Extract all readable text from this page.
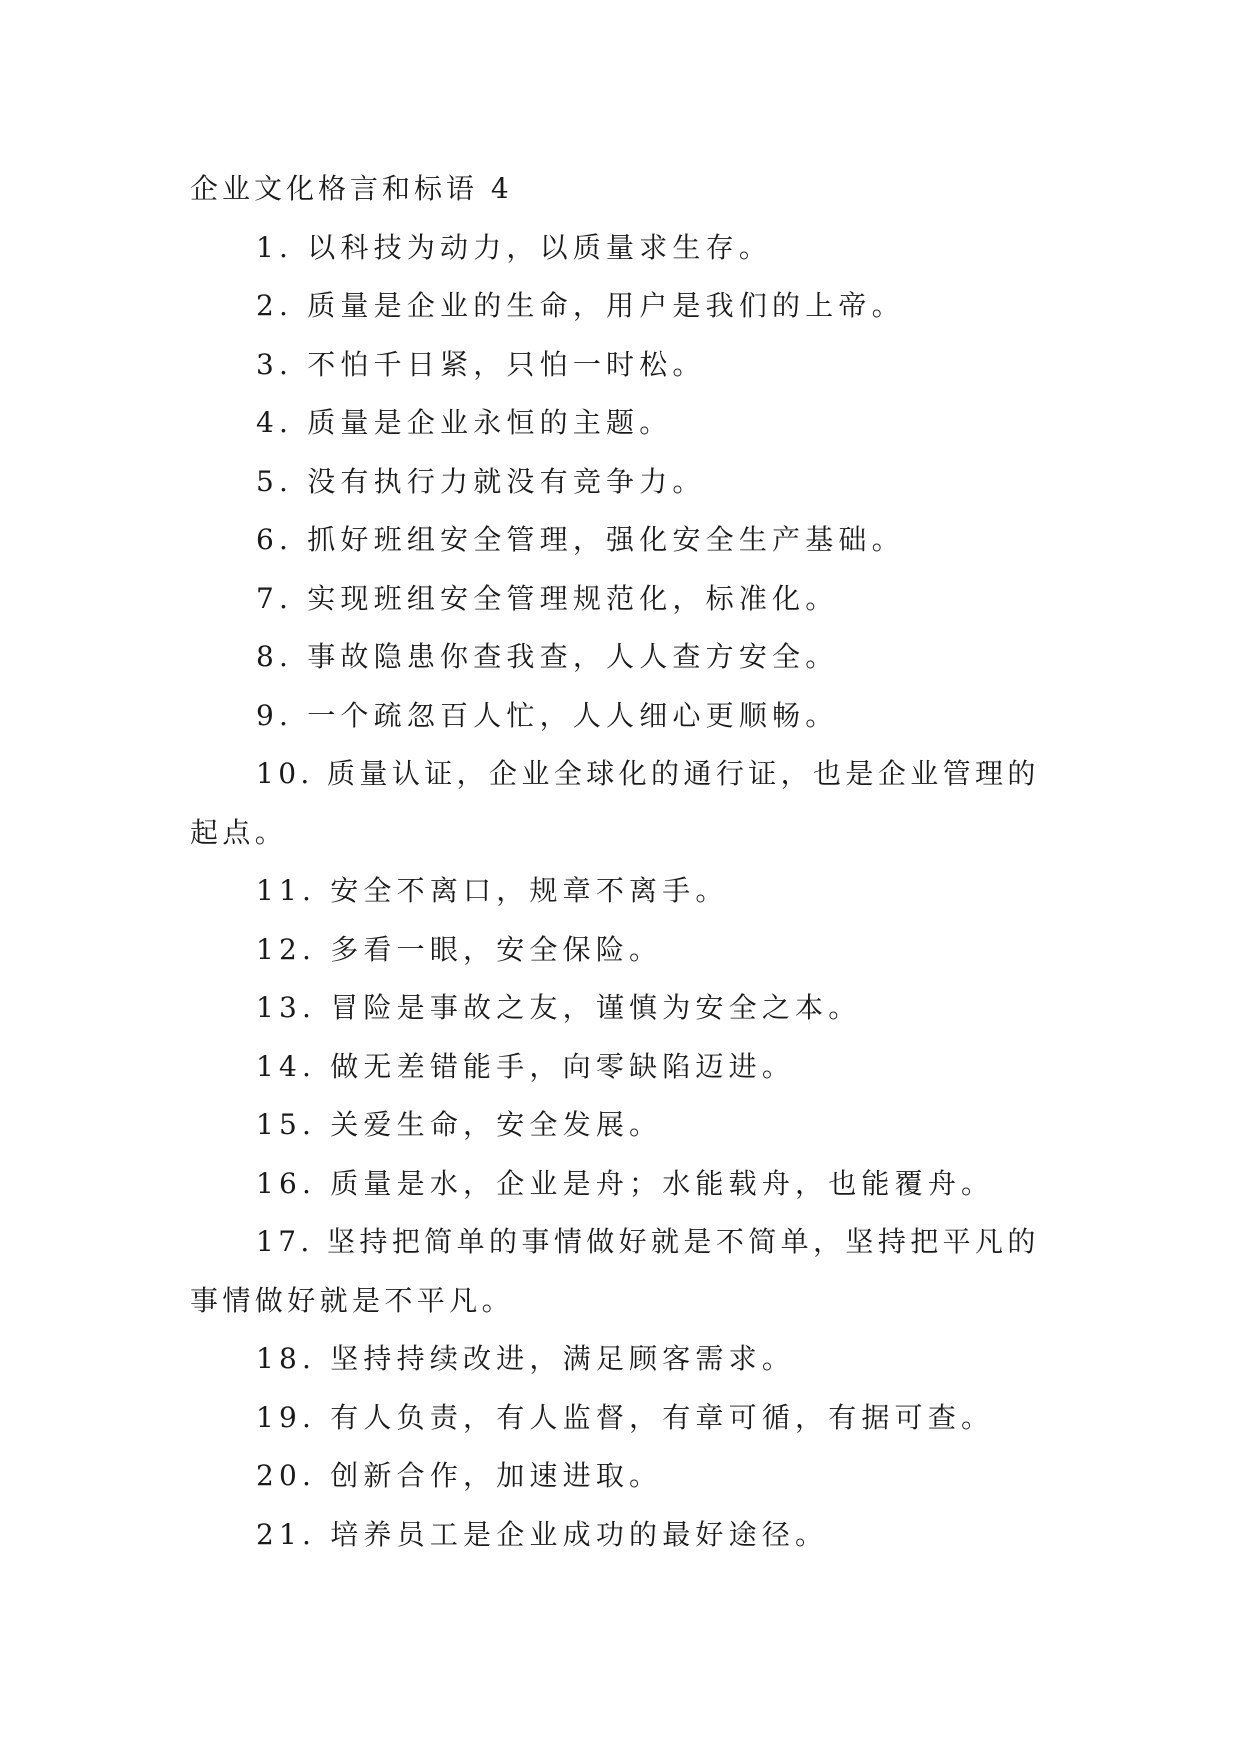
企业文化格言和标语 4
1. 以科技为动力，以质量求生存。
2. 质量是企业的生命，用户是我们的上帝。
3. 不怕千日紧，只怕一时松。
4. 质量是企业永恒的主题。
5. 没有执行力就没有竞争力。
6. 抓好班组安全管理，强化安全生产基础。
7. 实现班组安全管理规范化，标准化。
8. 事故隐患你查我查，人人查方安全。
9. 一个疏忽百人忙，人人细心更顺畅。
10. 质量认证，企业全球化的通行证，也是企业管理的起点。
11. 安全不离口，规章不离手。
12. 多看一眼，安全保险。
13. 冒险是事故之友，谨慎为安全之本。
14. 做无差错能手，向零缺陷迈进。
15. 关爱生命，安全发展。
16. 质量是水，企业是舟；水能载舟，也能覆舟。
17. 坚持把简单的事情做好就是不简单，坚持把平凡的事情做好就是不平凡。
18. 坚持持续改进，满足顾客需求。
19. 有人负责，有人监督，有章可循，有据可查。
20. 创新合作，加速进取。
21. 培养员工是企业成功的最好途径。
